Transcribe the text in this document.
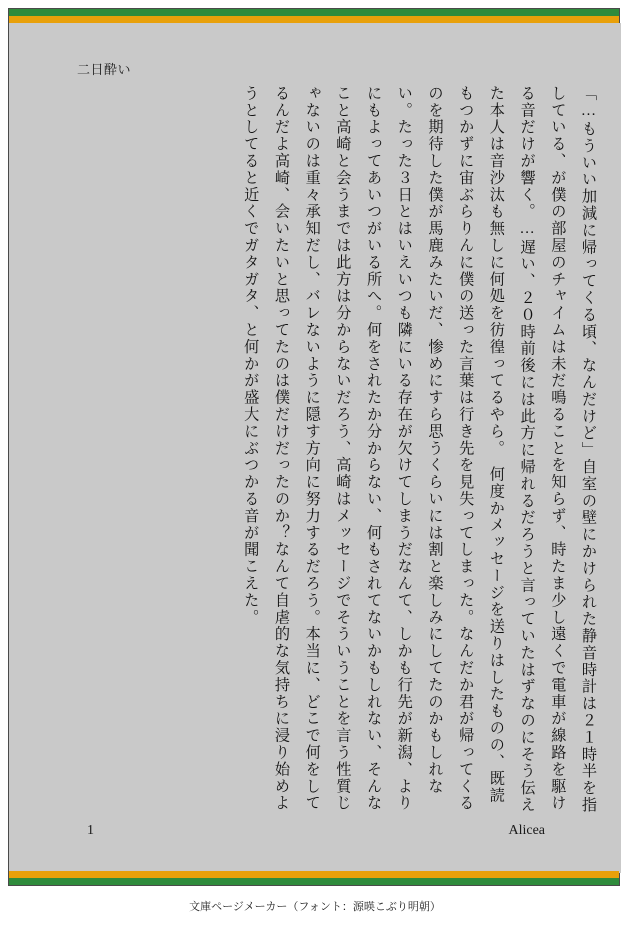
二日酔い

「…もういい加減に帰ってくる頃、なんだけど」自室の壁にかけられた静音時計は２１時半を指している、が僕の部屋のチャイムは未だ鳴ることを知らず、時たま少し遠くで電車が線路を駆ける音だけが響く。…遅い、２０時前後には此方に帰れるだろうと言っていたはずなのにそう伝えた本人は音沙汰も無しに何処を彷徨ってるやら。　何度かメッセージを送りはしたものの、既読もつかずに宙ぶらりんに僕の送った言葉は行き先を見失ってしまった。なんだか君が帰ってくるのを期待した僕が馬鹿みたいだ、惨めにすら思うくらいには割と楽しみにしてたのかもしれない。たった３日とはいえいつも隣にいる存在が欠けてしまうだなんて、しかも行先が新潟、よりにもよってあいつがいる所へ。何をされたか分からない、何もされてないかもしれない、そんなこと高崎と会うまでは此方は分からないだろう、高崎はメッセージでそういうことを言う性質じゃないのは重々承知だし、バレないように隠す方向に努力するだろう。本当に、どこで何をしてるんだよ高崎、会いたいと思ってたのは僕だけだったのか？なんて自虐的な気持ちに浸り始めようとしてると近くでガタガタ、と何かが盛大にぶつかる音が聞こえた。

1	Alicea
文庫ページメーカー（フォント：源暎こぶり明朝）
